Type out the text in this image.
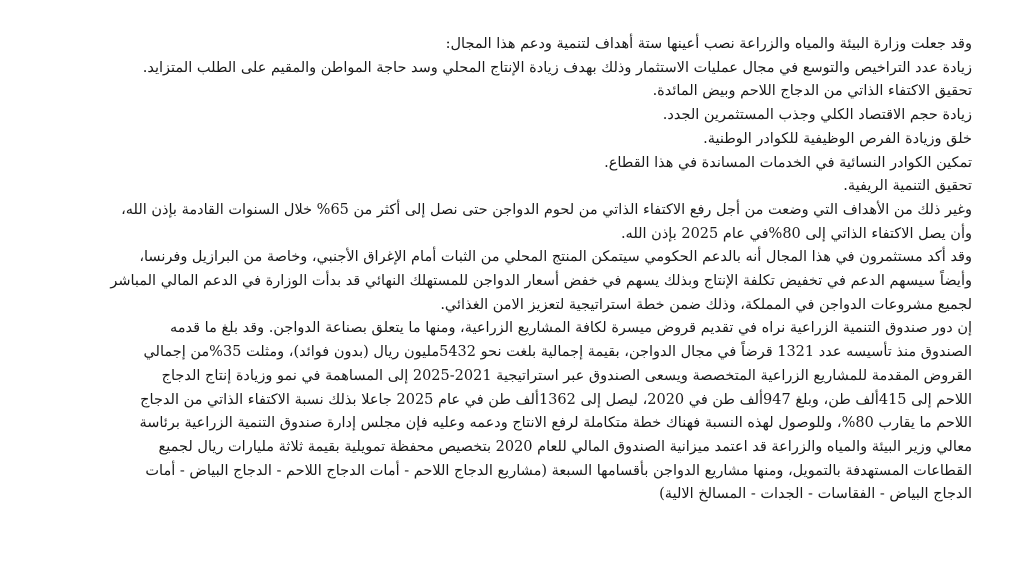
وقد جعلت وزارة البيئة والمياه والزراعة نصب أعينها ستة أهداف لتنمية ودعم هذا المجال:
زيادة عدد التراخيص والتوسع في مجال عمليات الاستثمار وذلك بهدف زيادة الإنتاج المحلي وسد حاجة المواطن والمقيم على الطلب المتزايد.
تحقيق الاكتفاء الذاتي من الدجاج اللاحم وبيض المائدة.
زيادة حجم الاقتصاد الكلي وجذب المستثمرين الجدد.
خلق وزيادة الفرص الوظيفية للكوادر الوطنية.
تمكين الكوادر النسائية في الخدمات المساندة في هذا القطاع.
تحقيق التنمية الريفية.
وغير ذلك من الأهداف التي وضعت من أجل رفع الاكتفاء الذاتي من لحوم الدواجن حتى نصل إلى أكثر من 65% خلال السنوات القادمة بإذن الله،
وأن يصل الاكتفاء الذاتي إلى 80%في عام 2025 بإذن الله.
وقد أكد مستثمرون في هذا المجال أنه بالدعم الحكومي سيتمكن المنتج المحلي من الثبات أمام الإغراق الأجنبي، وخاصة من البرازيل وفرنسا،
وأيضاً سيسهم الدعم في تخفيض تكلفة الإنتاج وبذلك يسهم في خفض أسعار الدواجن للمستهلك النهائي قد بدأت الوزارة في الدعم المالي المباشر
لجميع مشروعات الدواجن في المملكة، وذلك ضمن خطة استراتيجية لتعزيز الامن الغذائي.
إن دور صندوق التنمية الزراعية نراه في تقديم قروض ميسرة لكافة المشاريع الزراعية، ومنها ما يتعلق بصناعة الدواجن. وقد بلغ ما قدمه
الصندوق منذ تأسيسه عدد 1321 قرضاً في مجال الدواجن، بقيمة إجمالية بلغت نحو 5432مليون ريال (بدون فوائد)، ومثلت 35%من إجمالي
القروض المقدمة للمشاريع الزراعية المتخصصة ويسعى الصندوق عبر استراتيجية 2021-2025 إلى المساهمة في نمو وزيادة إنتاج الدجاج
اللاحم إلى 415ألف طن، وبلغ 947ألف طن في 2020، ليصل إلى 1362ألف طن في عام 2025 جاعلا بذلك نسبة الاكتفاء الذاتي من الدجاج
اللاحم ما يقارب 80%، وللوصول لهذه النسبة فهناك خطة متكاملة لرفع الانتاج ودعمه وعليه فإن مجلس إدارة صندوق التنمية الزراعية برئاسة
معالي وزير البيئة والمياه والزراعة قد اعتمد ميزانية الصندوق المالي للعام 2020 بتخصيص محفظة تمويلية بقيمة ثلاثة مليارات ريال لجميع
القطاعات المستهدفة بالتمويل، ومنها مشاريع الدواجن بأقسامها السبعة (مشاريع الدجاج اللاحم - أمات الدجاج اللاحم - الدجاج البياض - أمات
الدجاج البياض - الفقاسات - الجدات - المسالخ الالية)
